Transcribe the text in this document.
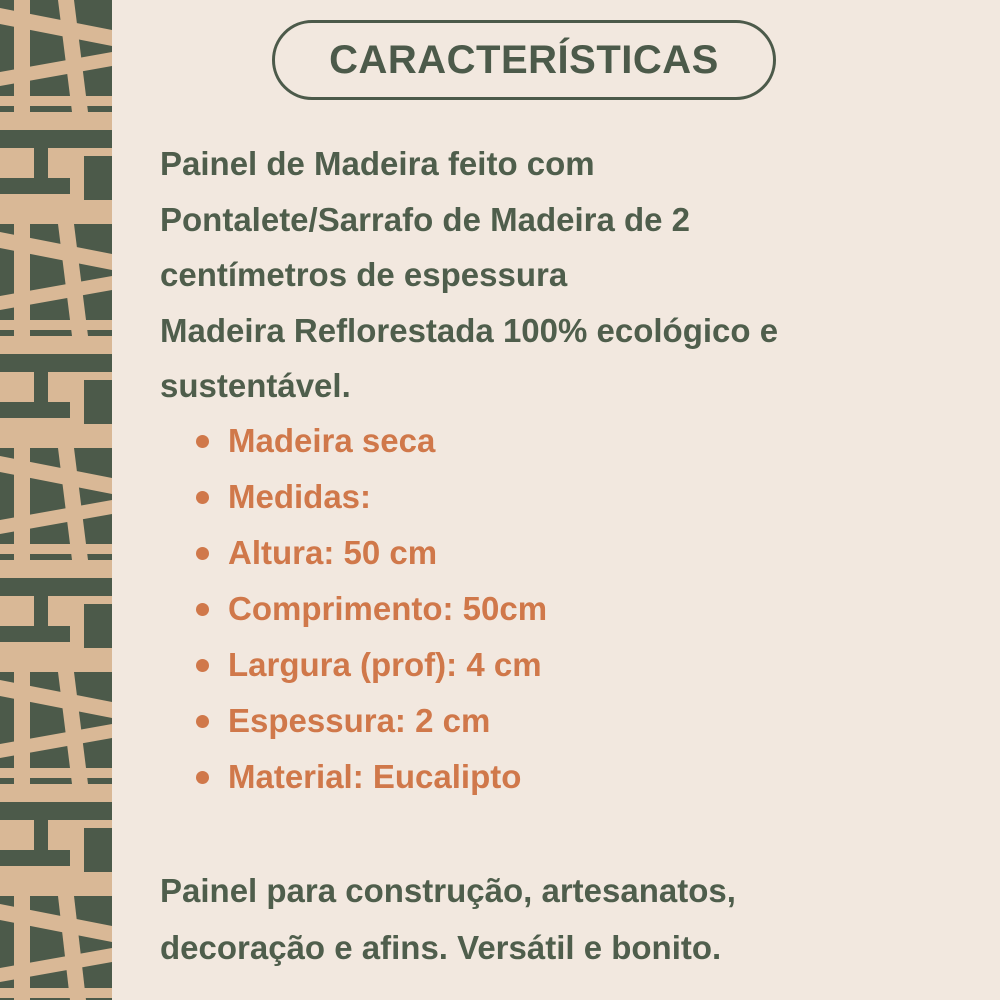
CARACTERÍSTICAS

Painel de Madeira feito com
Pontalete/Sarrafo de Madeira de 2
centímetros de espessura
Madeira Reflorestada 100% ecológico e
sustentável.

Madeira seca
Medidas:
Altura: 50 cm
Comprimento: 50cm
Largura (prof): 4 cm
Espessura: 2 cm
Material: Eucalipto

Painel para construção, artesanatos,
decoração e afins. Versátil e bonito.
